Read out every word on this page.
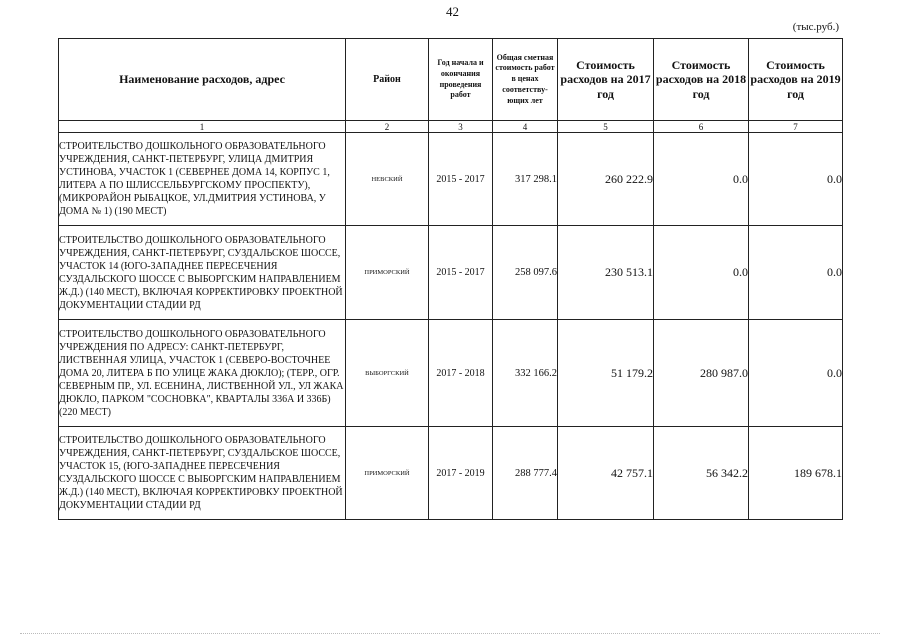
42
(тыс.руб.)
Наименование расходов, адрес	Район	Год начала и окончания проведения работ	Общая сметная стоимость работ в ценах соответству-ющих лет	Стоимость расходов на 2017 год	Стоимость расходов на 2018 год	Стоимость расходов на 2019 год
1	2	3	4	5	6	7
СТРОИТЕЛЬСТВО ДОШКОЛЬНОГО ОБРАЗОВАТЕЛЬНОГО УЧРЕЖДЕНИЯ, САНКТ-ПЕТЕРБУРГ, УЛИЦА ДМИТРИЯ УСТИНОВА, УЧАСТОК 1 (СЕВЕРНЕЕ ДОМА 14, КОРПУС 1, ЛИТЕРА А ПО ШЛИССЕЛЬБУРГСКОМУ ПРОСПЕКТУ), (МИКРОРАЙОН РЫБАЦКОЕ, УЛ.ДМИТРИЯ УСТИНОВА, У ДОМА № 1) (190 МЕСТ)	НЕВСКИЙ	2015 - 2017	317 298.1	260 222.9	0.0	0.0
СТРОИТЕЛЬСТВО ДОШКОЛЬНОГО ОБРАЗОВАТЕЛЬНОГО УЧРЕЖДЕНИЯ, САНКТ-ПЕТЕРБУРГ, СУЗДАЛЬСКОЕ ШОССЕ, УЧАСТОК 14 (ЮГО-ЗАПАДНЕЕ ПЕРЕСЕЧЕНИЯ СУЗДАЛЬСКОГО ШОССЕ С ВЫБОРГСКИМ НАПРАВЛЕНИЕМ Ж.Д.) (140 МЕСТ), ВКЛЮЧАЯ КОРРЕКТИРОВКУ ПРОЕКТНОЙ ДОКУМЕНТАЦИИ СТАДИИ РД	ПРИМОРСКИЙ	2015 - 2017	258 097.6	230 513.1	0.0	0.0
СТРОИТЕЛЬСТВО ДОШКОЛЬНОГО ОБРАЗОВАТЕЛЬНОГО УЧРЕЖДЕНИЯ ПО АДРЕСУ: САНКТ-ПЕТЕРБУРГ, ЛИСТВЕННАЯ УЛИЦА, УЧАСТОК 1 (СЕВЕРО-ВОСТОЧНЕЕ ДОМА 20, ЛИТЕРА Б ПО УЛИЦЕ ЖАКА ДЮКЛО); (ТЕРР., ОГР. СЕВЕРНЫМ ПР., УЛ. ЕСЕНИНА, ЛИСТВЕННОЙ УЛ., УЛ ЖАКА ДЮКЛО, ПАРКОМ "СОСНОВКА", КВАРТАЛЫ 336А И 336Б) (220 МЕСТ)	ВЫБОРГСКИЙ	2017 - 2018	332 166.2	51 179.2	280 987.0	0.0
СТРОИТЕЛЬСТВО ДОШКОЛЬНОГО ОБРАЗОВАТЕЛЬНОГО УЧРЕЖДЕНИЯ, САНКТ-ПЕТЕРБУРГ, СУЗДАЛЬСКОЕ ШОССЕ, УЧАСТОК 15, (ЮГО-ЗАПАДНЕЕ ПЕРЕСЕЧЕНИЯ СУЗДАЛЬСКОГО ШОССЕ С ВЫБОРГСКИМ НАПРАВЛЕНИЕМ Ж.Д.) (140 МЕСТ), ВКЛЮЧАЯ КОРРЕКТИРОВКУ ПРОЕКТНОЙ ДОКУМЕНТАЦИИ СТАДИИ РД	ПРИМОРСКИЙ	2017 - 2019	288 777.4	42 757.1	56 342.2	189 678.1
